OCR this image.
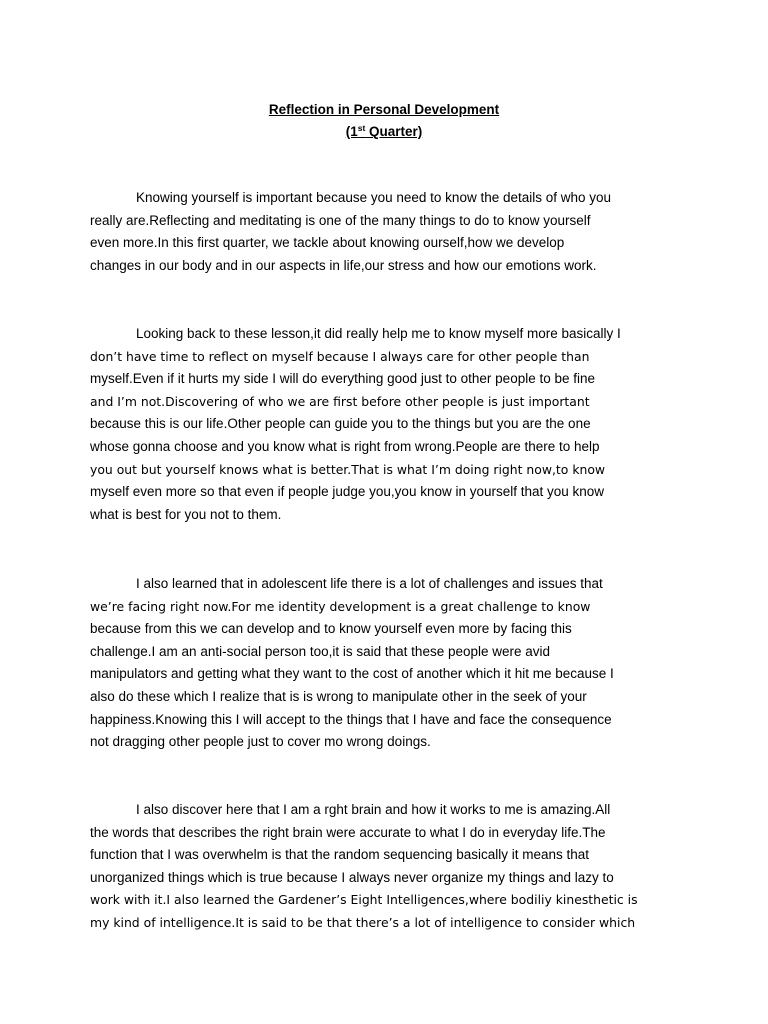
Reflection in Personal Development
(1st Quarter)
Knowing yourself is important because you need to know the details of who you
really are.Reflecting and meditating is one of the many things to do to know yourself
even more.In this first quarter, we tackle about knowing ourself,how we develop
changes in our body and in our aspects in life,our stress and how our emotions work.
Looking back to these lesson,it did really help me to know myself more basically I
don’t have time to reflect on myself because I always care for other people than
myself.Even if it hurts my side I will do everything good just to other people to be fine
and I’m not.Discovering of who we are first before other people is just important
because this is our life.Other people can guide you to the things but you are the one
whose gonna choose and you know what is right from wrong.People are there to help
you out but yourself knows what is better.That is what I’m doing right now,to know
myself even more so that even if people judge you,you know in yourself that you know
what is best for you not to them.
I also learned that in adolescent life there is a lot of challenges and issues that
we’re facing right now.For me identity development is a great challenge to know
because from this we can develop and to know yourself even more by facing this
challenge.I am an anti-social person too,it is said that these people were avid
manipulators and getting what they want to the cost of another which it hit me because I
also do these which I realize that is is wrong to manipulate other in the seek of your
happiness.Knowing this I will accept to the things that I have and face the consequence
not dragging other people just to cover mo wrong doings.
I also discover here that I am a rght brain and how it works to me is amazing.All
the words that describes the right brain were accurate to what I do in everyday life.The
function that I was overwhelm is that the random sequencing basically it means that
unorganized things which is true because I always never organize my things and lazy to
work with it.I also learned the Gardener’s Eight Intelligences,where bodiliy kinesthetic is
my kind of intelligence.It is said to be that there’s a lot of intelligence to consider which
